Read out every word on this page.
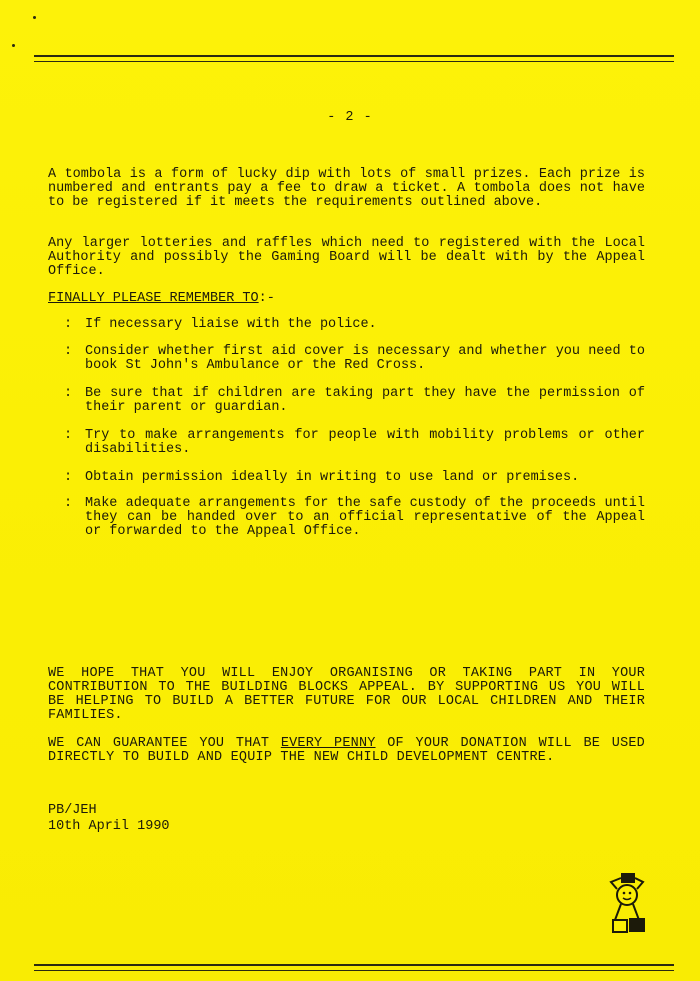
- 2 -

A tombola is a form of lucky dip with lots of small prizes. Each prize is numbered and entrants pay a fee to draw a ticket. A tombola does not have to be registered if it meets the requirements outlined above.

Any larger lotteries and raffles which need to registered with the Local Authority and possibly the Gaming Board will be dealt with by the Appeal Office.

FINALLY PLEASE REMEMBER TO:-
: If necessary liaise with the police.
: Consider whether first aid cover is necessary and whether you need to book St John's Ambulance or the Red Cross.
: Be sure that if children are taking part they have the permission of their parent or guardian.
: Try to make arrangements for people with mobility problems or other disabilities.
: Obtain permission ideally in writing to use land or premises.
: Make adequate arrangements for the safe custody of the proceeds until they can be handed over to an official representative of the Appeal or forwarded to the Appeal Office.

WE HOPE THAT YOU WILL ENJOY ORGANISING OR TAKING PART IN YOUR CONTRIBUTION TO THE BUILDING BLOCKS APPEAL. BY SUPPORTING US YOU WILL BE HELPING TO BUILD A BETTER FUTURE FOR OUR LOCAL CHILDREN AND THEIR FAMILIES.

WE CAN GUARANTEE YOU THAT EVERY PENNY OF YOUR DONATION WILL BE USED DIRECTLY TO BUILD AND EQUIP THE NEW CHILD DEVELOPMENT CENTRE.

PB/JEH
10th April 1990
